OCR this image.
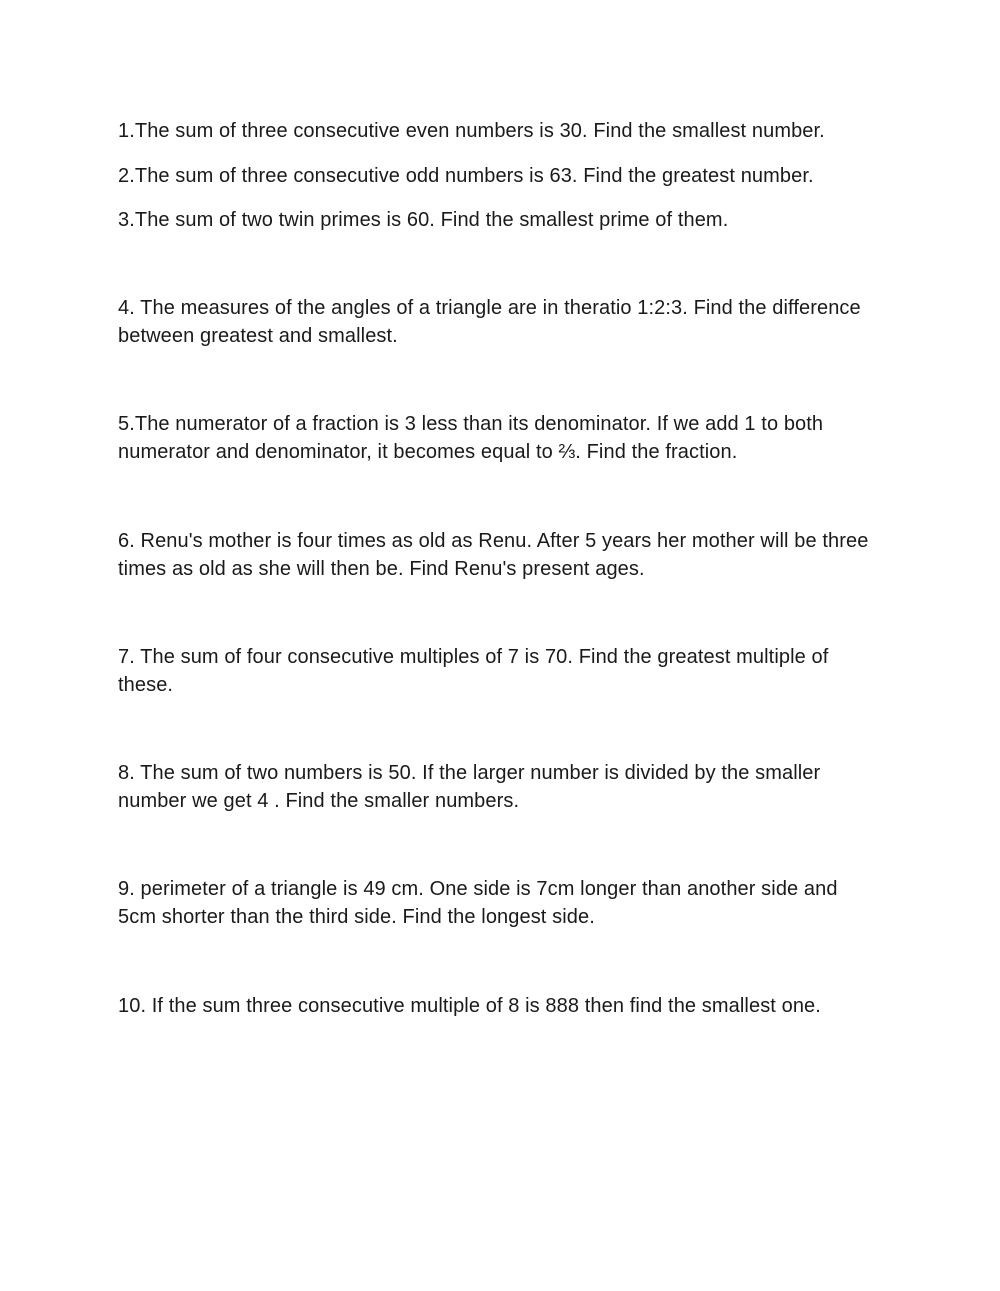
1.The sum of three consecutive even numbers is 30. Find the smallest number.

2.The sum of three consecutive odd numbers is 63. Find the greatest number.

3.The sum of two twin primes is 60. Find the smallest prime of them.

4. The measures of the angles of a triangle are in theratio 1:2:3. Find the difference between greatest and smallest.

5.The numerator of a fraction is 3 less than its denominator. If we add 1 to both numerator and denominator, it becomes equal to ⅔. Find the fraction.

6. Renu's mother is four times as old as Renu. After 5 years her mother will be three times as old as she will then be. Find Renu's present ages.

7. The sum of four consecutive multiples of 7 is 70. Find the greatest multiple of these.

8. The sum of two numbers is 50. If the larger number is divided by the smaller number we get 4 . Find the smaller numbers.

9. perimeter of a triangle is 49 cm. One side is 7cm longer than another side and 5cm shorter than the third side. Find the longest side.

10. If the sum three consecutive multiple of 8 is 888 then find the smallest one.
